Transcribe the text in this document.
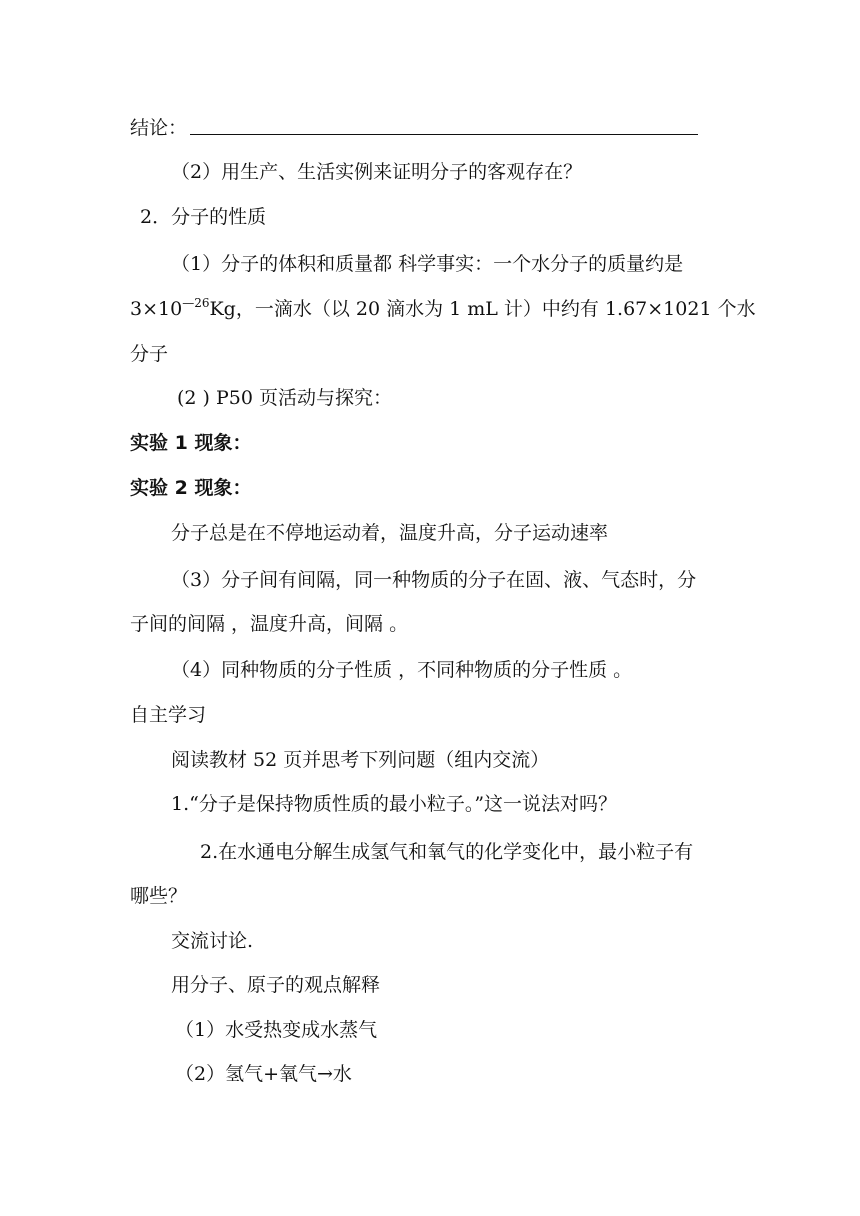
结论：
（2）用生产、生活实例来证明分子的客观存在？
2．分子的性质
（1）分子的体积和质量都 科学事实：一个水分子的质量约是
$3\times 10^{—26}Kg$，一滴水（以 20 滴水为 1 mL 计）中约有 1.67×1021 个水
分子
(2 ) P50 页活动与探究：
实验 1 现象：
实验 2 现象：
分子总是在不停地运动着，温度升高，分子运动速率
（3）分子间有间隔，同一种物质的分子在固、液、气态时，分
子间的间隔 ，温度升高，间隔 。
（4）同种物质的分子性质 ，不同种物质的分子性质 。
自主学习
阅读教材 52 页并思考下列问题（组内交流）
1.“分子是保持物质性质的最小粒子。”这一说法对吗？
2.在水通电分解生成氢气和氧气的化学变化中，最小粒子有
哪些？
交流讨论.
用分子、原子的观点解释
（1）水受热变成水蒸气
（2）氢气+氧气→水
